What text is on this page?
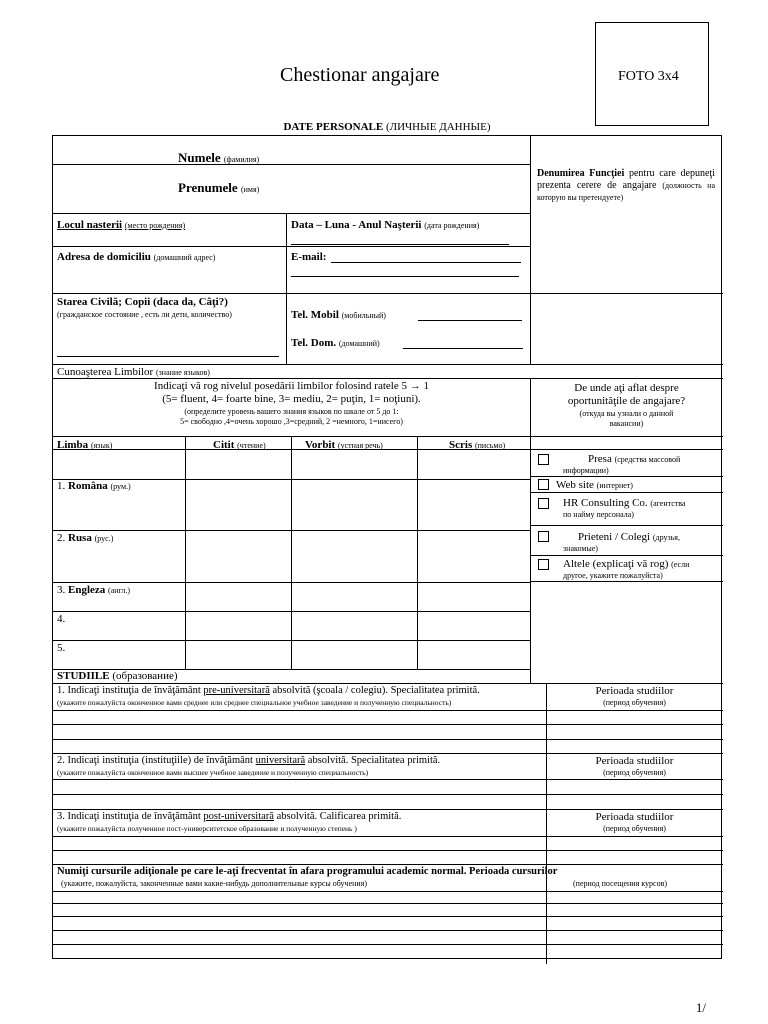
Chestionar angajare	FOTO 3x4
DATE PERSONALE (ЛИЧНЫЕ ДАННЫЕ)
Numele (фамилия)
Prenumele (имя)
Denumirea Funcţiei pentru care depuneţi prezenta cerere de angajare (должность на которую вы претендуете)
Locul nasterii (место рождения)	Data – Luna - Anul Naşterii (дата рождения)
Adresa de domiciliu (домашний адрес)	E-mail:
Starea Civilă; Copii (daca da, Câţi?)
(гражданское состояние , есть ли дети, количество)	Tel. Mobil (мобильный)
Tel. Dom. (домашний)
Cunoaşterea Limbilor (знание языков)
Indicaţi vă rog nivelul posedării limbilor folosind ratele 5 → 1
(5= fluent, 4= foarte bine, 3= mediu, 2= puţin, 1= noţiuni).
(определите уровень вашего знания языков по шкале от 5 до 1:
5= свободно ,4=очень хорошо ,3=средний, 2 =немного, 1=нисего)
Limba (язык)	Citit (чтение)	Vorbit (устная речь)	Scris (письмо)
1. Româna (рум.)
2. Rusa (рус.)
3. Engleza (англ.)
4.
5.
De unde aţi aflat despre
oportunităţile de angajare?
(откуда вы узнали о данной
вакансии)
Presa (средства массовой
информации)
Web site (интернет)
HR Consulting Co. (агентства
по найму персонала)
Prieteni / Colegi (друзья,
знакомые)
Altele (explicaţi vă rog) (если
другое, укажите пожалуйста)
STUDIILE (образование)
1. Indicaţi instituţia de învăţământ pre-universitară absolvită (şcoala / colegiu). Specialitatea primită.
(укажите пожалуйста оконченное вами среднее или среднее специальное учебное заведение и полученную специальность)
Perioada studiilor
(период обучения)
2. Indicaţi instituţia (instituţiile) de învăţământ universitară absolvită. Specialitatea primită.
(укажите пожалуйста оконченное вами высшее учебное заведение и полученную специальность)
Perioada studiilor
(период обучения)
3. Indicaţi instituţia de învăţământ post-universitară absolvită. Calificarea primită.
(укажите пожалуйста полученное пост-университетское образование и полученную степень )
Perioada studiilor
(период обучения)
Numiţi cursurile adiţionale pe care le-aţi frecventat în afara programului academic normal. Perioada cursurilor
(укажите, пожалуйста, законченные вами какие-нибудь дополнительные курсы обучения)	(период посещения курсов)
1/
